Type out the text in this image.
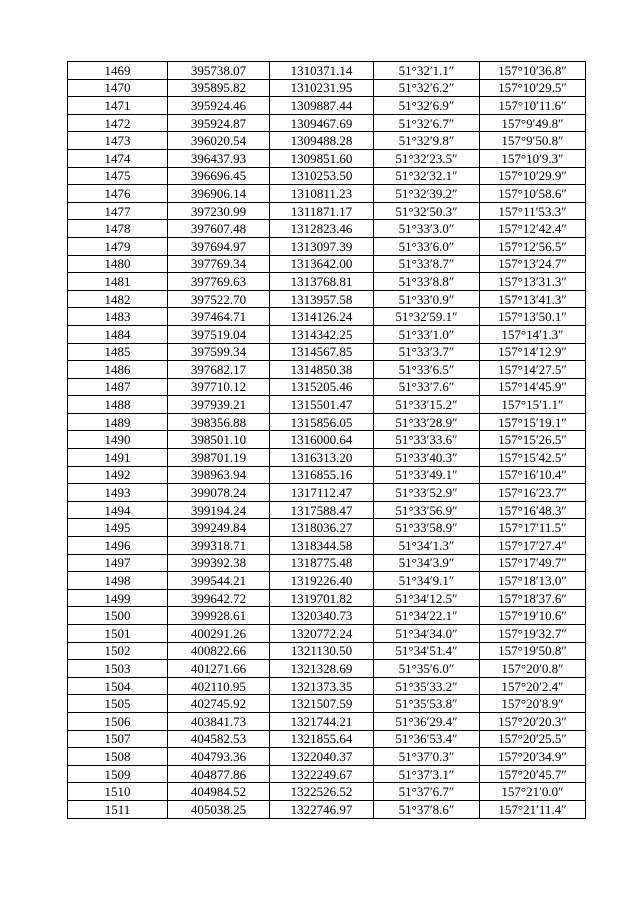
1469	395738.07	1310371.14	51°32′1.1″	157°10′36.8″
1470	395895.82	1310231.95	51°32′6.2″	157°10′29.5″
1471	395924.46	1309887.44	51°32′6.9″	157°10′11.6″
1472	395924.87	1309467.69	51°32′6.7″	157°9′49.8″
1473	396020.54	1309488.28	51°32′9.8″	157°9′50.8″
1474	396437.93	1309851.60	51°32′23.5″	157°10′9.3″
1475	396696.45	1310253.50	51°32′32.1″	157°10′29.9″
1476	396906.14	1310811.23	51°32′39.2″	157°10′58.6″
1477	397230.99	1311871.17	51°32′50.3″	157°11′53.3″
1478	397607.48	1312823.46	51°33′3.0″	157°12′42.4″
1479	397694.97	1313097.39	51°33′6.0″	157°12′56.5″
1480	397769.34	1313642.00	51°33′8.7″	157°13′24.7″
1481	397769.63	1313768.81	51°33′8.8″	157°13′31.3″
1482	397522.70	1313957.58	51°33′0.9″	157°13′41.3″
1483	397464.71	1314126.24	51°32′59.1″	157°13′50.1″
1484	397519.04	1314342.25	51°33′1.0″	157°14′1.3″
1485	397599.34	1314567.85	51°33′3.7″	157°14′12.9″
1486	397682.17	1314850.38	51°33′6.5″	157°14′27.5″
1487	397710.12	1315205.46	51°33′7.6″	157°14′45.9″
1488	397939.21	1315501.47	51°33′15.2″	157°15′1.1″
1489	398356.88	1315856.05	51°33′28.9″	157°15′19.1″
1490	398501.10	1316000.64	51°33′33.6″	157°15′26.5″
1491	398701.19	1316313.20	51°33′40.3″	157°15′42.5″
1492	398963.94	1316855.16	51°33′49.1″	157°16′10.4″
1493	399078.24	1317112.47	51°33′52.9″	157°16′23.7″
1494	399194.24	1317588.47	51°33′56.9″	157°16′48.3″
1495	399249.84	1318036.27	51°33′58.9″	157°17′11.5″
1496	399318.71	1318344.58	51°34′1.3″	157°17′27.4″
1497	399392.38	1318775.48	51°34′3.9″	157°17′49.7″
1498	399544.21	1319226.40	51°34′9.1″	157°18′13.0″
1499	399642.72	1319701.82	51°34′12.5″	157°18′37.6″
1500	399928.61	1320340.73	51°34′22.1″	157°19′10.6″
1501	400291.26	1320772.24	51°34′34.0″	157°19′32.7″
1502	400822.66	1321130.50	51°34′51.4″	157°19′50.8″
1503	401271.66	1321328.69	51°35′6.0″	157°20′0.8″
1504	402110.95	1321373.35	51°35′33.2″	157°20′2.4″
1505	402745.92	1321507.59	51°35′53.8″	157°20′8.9″
1506	403841.73	1321744.21	51°36′29.4″	157°20′20.3″
1507	404582.53	1321855.64	51°36′53.4″	157°20′25.5″
1508	404793.36	1322040.37	51°37′0.3″	157°20′34.9″
1509	404877.86	1322249.67	51°37′3.1″	157°20′45.7″
1510	404984.52	1322526.52	51°37′6.7″	157°21′0.0″
1511	405038.25	1322746.97	51°37′8.6″	157°21′11.4″
